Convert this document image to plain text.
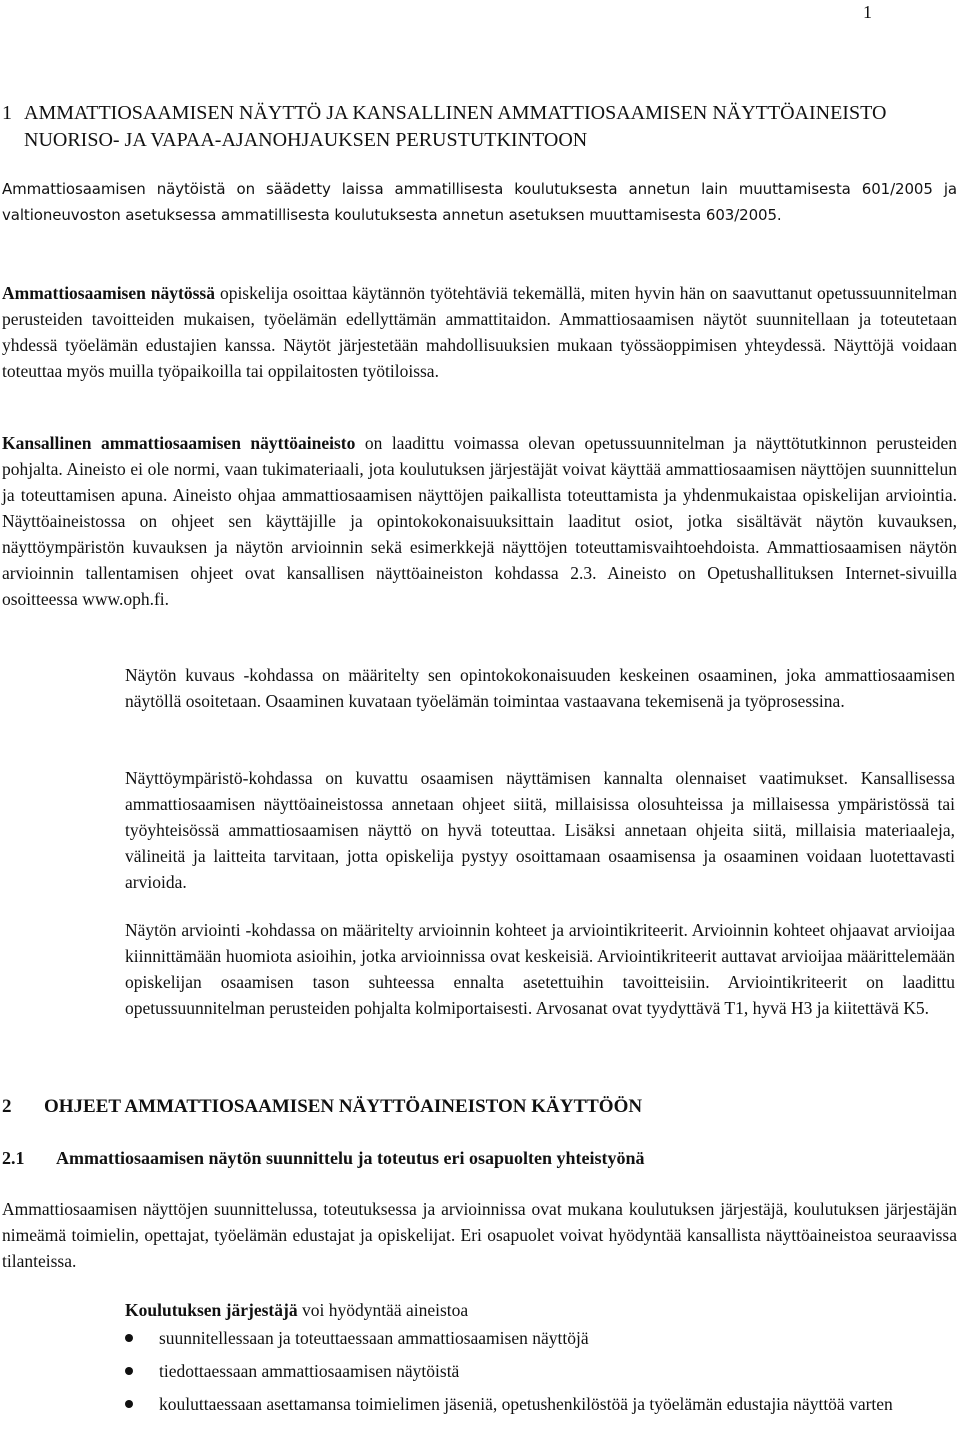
1
1 AMMATTIOSAAMISEN NÄYTTÖ JA KANSALLINEN AMMATTIOSAAMISEN NÄYTTÖAINEISTO NUORISO- JA VAPAA-AJANOHJAUKSEN PERUSTUTKINTOON
Ammattiosaamisen näytöistä on säädetty laissa ammatillisesta koulutuksesta annetun lain muuttamisesta 601/2005 ja valtioneuvoston asetuksessa ammatillisesta koulutuksesta annetun asetuksen muuttamisesta 603/2005.
Ammattiosaamisen näytössä opiskelija osoittaa käytännön työtehtäviä tekemällä, miten hyvin hän on saavuttanut opetussuunnitelman perusteiden tavoitteiden mukaisen, työelämän edellyttämän ammattitaidon. Ammattiosaamisen näytöt suunnitellaan ja toteutetaan yhdessä työelämän edustajien kanssa. Näytöt järjestetään mahdollisuuksien mukaan työssäoppimisen yhteydessä. Näyttöjä voidaan toteuttaa myös muilla työpaikoilla tai oppilaitosten työtiloissa.
Kansallinen ammattiosaamisen näyttöaineisto on laadittu voimassa olevan opetussuunnitelman ja näyttötutkinnon perusteiden pohjalta. Aineisto ei ole normi, vaan tukimateriaali, jota koulutuksen järjestäjät voivat käyttää ammattiosaamisen näyttöjen suunnittelun ja toteuttamisen apuna. Aineisto ohjaa ammattiosaamisen näyttöjen paikallista toteuttamista ja yhdenmukaistaa opiskelijan arviointia. Näyttöaineistossa on ohjeet sen käyttäjille ja opintokokonaisuuksittain laaditut osiot, jotka sisältävät näytön kuvauksen, näyttöympäristön kuvauksen ja näytön arvioinnin sekä esimerkkejä näyttöjen toteuttamisvaihtoehdoista. Ammattiosaamisen näytön arvioinnin tallentamisen ohjeet ovat kansallisen näyttöaineiston kohdassa 2.3. Aineisto on Opetushallituksen Internet-sivuilla osoitteessa www.oph.fi.
Näytön kuvaus -kohdassa on määritelty sen opintokokonaisuuden keskeinen osaaminen, joka ammattiosaamisen näytöllä osoitetaan. Osaaminen kuvataan työelämän toimintaa vastaavana tekemisenä ja työprosessina.
Näyttöympäristö-kohdassa on kuvattu osaamisen näyttämisen kannalta olennaiset vaatimukset. Kansallisessa ammattiosaamisen näyttöaineistossa annetaan ohjeet siitä, millaisissa olosuhteissa ja millaisessa ympäristössä tai työyhteisössä ammattiosaamisen näyttö on hyvä toteuttaa. Lisäksi annetaan ohjeita siitä, millaisia materiaaleja, välineitä ja laitteita tarvitaan, jotta opiskelija pystyy osoittamaan osaamisensa ja osaaminen voidaan luotettavasti arvioida.
Näytön arviointi -kohdassa on määritelty arvioinnin kohteet ja arviointikriteerit. Arvioinnin kohteet ohjaavat arvioijaa kiinnittämään huomiota asioihin, jotka arvioinnissa ovat keskeisiä. Arviointikriteerit auttavat arvioijaa määrittelemään opiskelijan osaamisen tason suhteessa ennalta asetettuihin tavoitteisiin. Arviointikriteerit on laadittu opetussuunnitelman perusteiden pohjalta kolmiportaisesti. Arvosanat ovat tyydyttävä T1, hyvä H3 ja kiitettävä K5.
2 OHJEET AMMATTIOSAAMISEN NÄYTTÖAINEISTON KÄYTTÖÖN
2.1 Ammattiosaamisen näytön suunnittelu ja toteutus eri osapuolten yhteistyönä
Ammattiosaamisen näyttöjen suunnittelussa, toteutuksessa ja arvioinnissa ovat mukana koulutuksen järjestäjä, koulutuksen järjestäjän nimeämä toimielin, opettajat, työelämän edustajat ja opiskelijat. Eri osapuolet voivat hyödyntää kansallista näyttöaineistoa seuraavissa tilanteissa.
Koulutuksen järjestäjä voi hyödyntää aineistoa
suunnitellessaan ja toteuttaessaan ammattiosaamisen näyttöjä
tiedottaessaan ammattiosaamisen näytöistä
kouluttaessaan asettamansa toimielimen jäseniä, opetushenkilöstöä ja työelämän edustajia näyttöä varten
